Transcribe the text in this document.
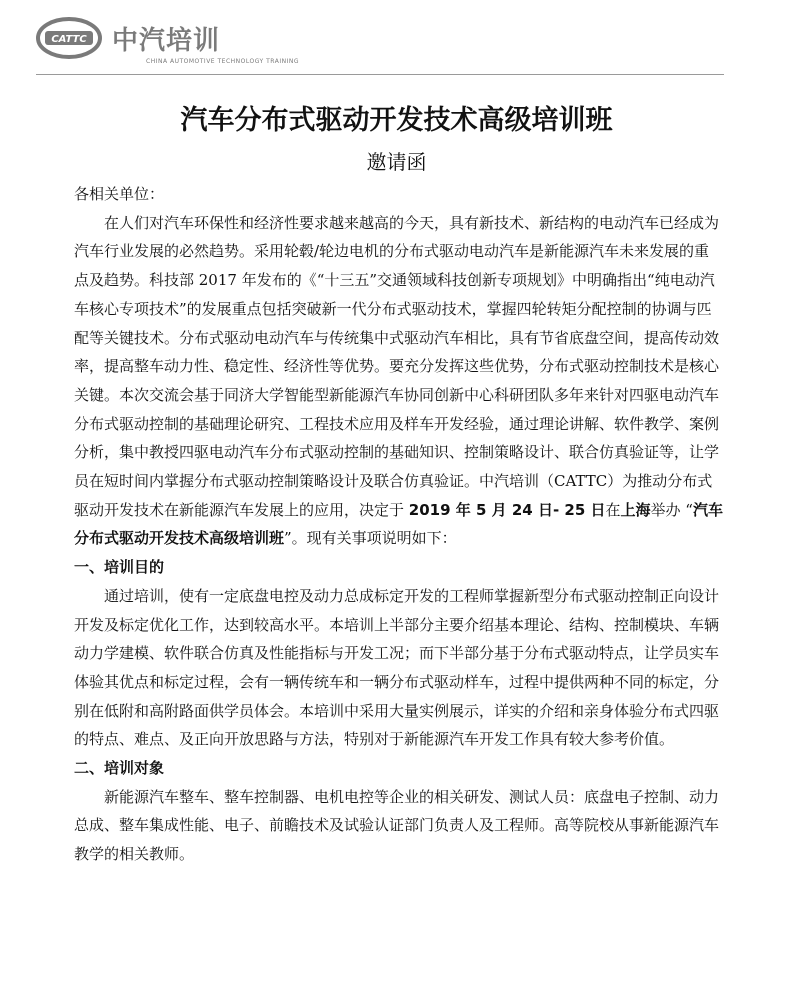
CATTC 中汽培训
CHINA AUTOMOTIVE TECHNOLOGY TRAINING
汽车分布式驱动开发技术高级培训班
邀请函

各相关单位：

在人们对汽车环保性和经济性要求越来越高的今天，具有新技术、新结构的电动汽车已经成为汽车行业发展的必然趋势。采用轮毂/轮边电机的分布式驱动电动汽车是新能源汽车未来发展的重点及趋势。科技部 2017 年发布的《“十三五”交通领域科技创新专项规划》中明确指出“纯电动汽车核心专项技术”的发展重点包括突破新一代分布式驱动技术，掌握四轮转矩分配控制的协调与匹配等关键技术。分布式驱动电动汽车与传统集中式驱动汽车相比，具有节省底盘空间，提高传动效率，提高整车动力性、稳定性、经济性等优势。要充分发挥这些优势，分布式驱动控制技术是核心关键。本次交流会基于同济大学智能型新能源汽车协同创新中心科研团队多年来针对四驱电动汽车分布式驱动控制的基础理论研究、工程技术应用及样车开发经验，通过理论讲解、软件教学、案例分析，集中教授四驱电动汽车分布式驱动控制的基础知识、控制策略设计、联合仿真验证等，让学员在短时间内掌握分布式驱动控制策略设计及联合仿真验证。中汽培训（CATTC）为推动分布式驱动开发技术在新能源汽车发展上的应用，决定于 2019 年 5 月 24 日- 25 日在上海举办 “汽车分布式驱动开发技术高级培训班”。现有关事项说明如下：

一、培训目的

通过培训，使有一定底盘电控及动力总成标定开发的工程师掌握新型分布式驱动控制正向设计开发及标定优化工作，达到较高水平。本培训上半部分主要介绍基本理论、结构、控制模块、车辆动力学建模、软件联合仿真及性能指标与开发工况；而下半部分基于分布式驱动特点，让学员实车体验其优点和标定过程，会有一辆传统车和一辆分布式驱动样车，过程中提供两种不同的标定，分别在低附和高附路面供学员体会。本培训中采用大量实例展示，详实的介绍和亲身体验分布式四驱的特点、难点、及正向开放思路与方法，特别对于新能源汽车开发工作具有较大参考价值。

二、培训对象

新能源汽车整车、整车控制器、电机电控等企业的相关研发、测试人员：底盘电子控制、动力总成、整车集成性能、电子、前瞻技术及试验认证部门负责人及工程师。高等院校从事新能源汽车教学的相关教师。
